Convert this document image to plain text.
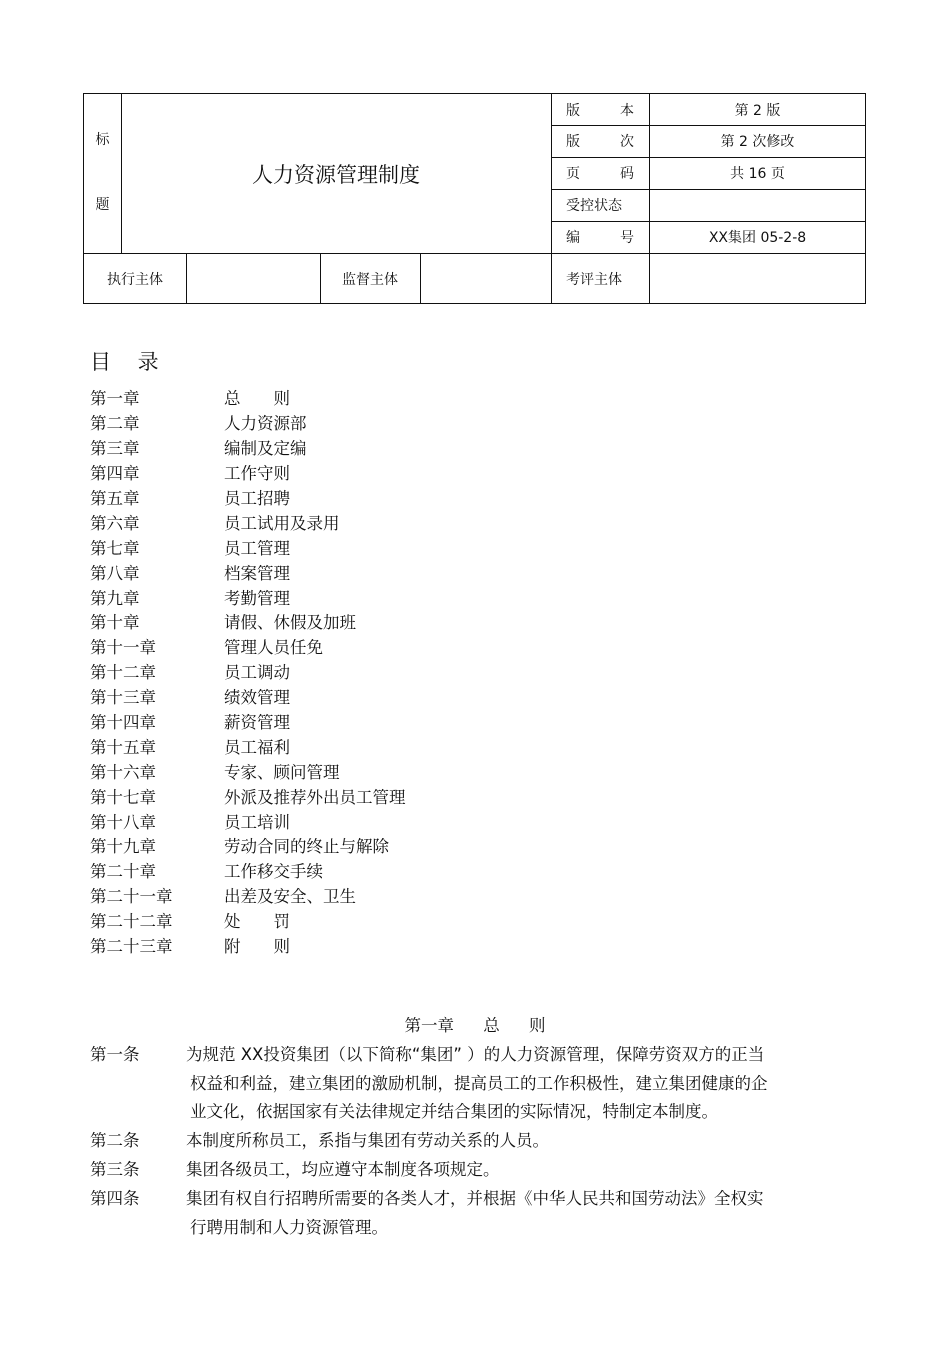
标
题
人力资源管理制度
版	本	第 2 版
版	次	第 2 次修改
页	码	共 16 页
受控状态
编	号	XX集团 05-2-8
执行主体	监督主体	考评主体
目 录
第一章	总　　则
第二章	人力资源部
第三章	编制及定编
第四章	工作守则
第五章	员工招聘
第六章	员工试用及录用
第七章	员工管理
第八章	档案管理
第九章	考勤管理
第十章	请假、休假及加班
第十一章	管理人员任免
第十二章	员工调动
第十三章	绩效管理
第十四章	薪资管理
第十五章	员工福利
第十六章	专家、顾问管理
第十七章	外派及推荐外出员工管理
第十八章	员工培训
第十九章	劳动合同的终止与解除
第二十章	工作移交手续
第二十一章	出差及安全、卫生
第二十二章	处　　罚
第二十三章	附　　则
第一章 总 则
第一条	为规范 XX投资集团（以下简称“集团” ）的人力资源管理，保障劳资双方的正当
权益和利益，建立集团的激励机制，提高员工的工作积极性，建立集团健康的企
业文化，依据国家有关法律规定并结合集团的实际情况，特制定本制度。
第二条	本制度所称员工，系指与集团有劳动关系的人员。
第三条	集团各级员工，均应遵守本制度各项规定。
第四条	集团有权自行招聘所需要的各类人才，并根据《中华人民共和国劳动法》全权实
行聘用制和人力资源管理。
